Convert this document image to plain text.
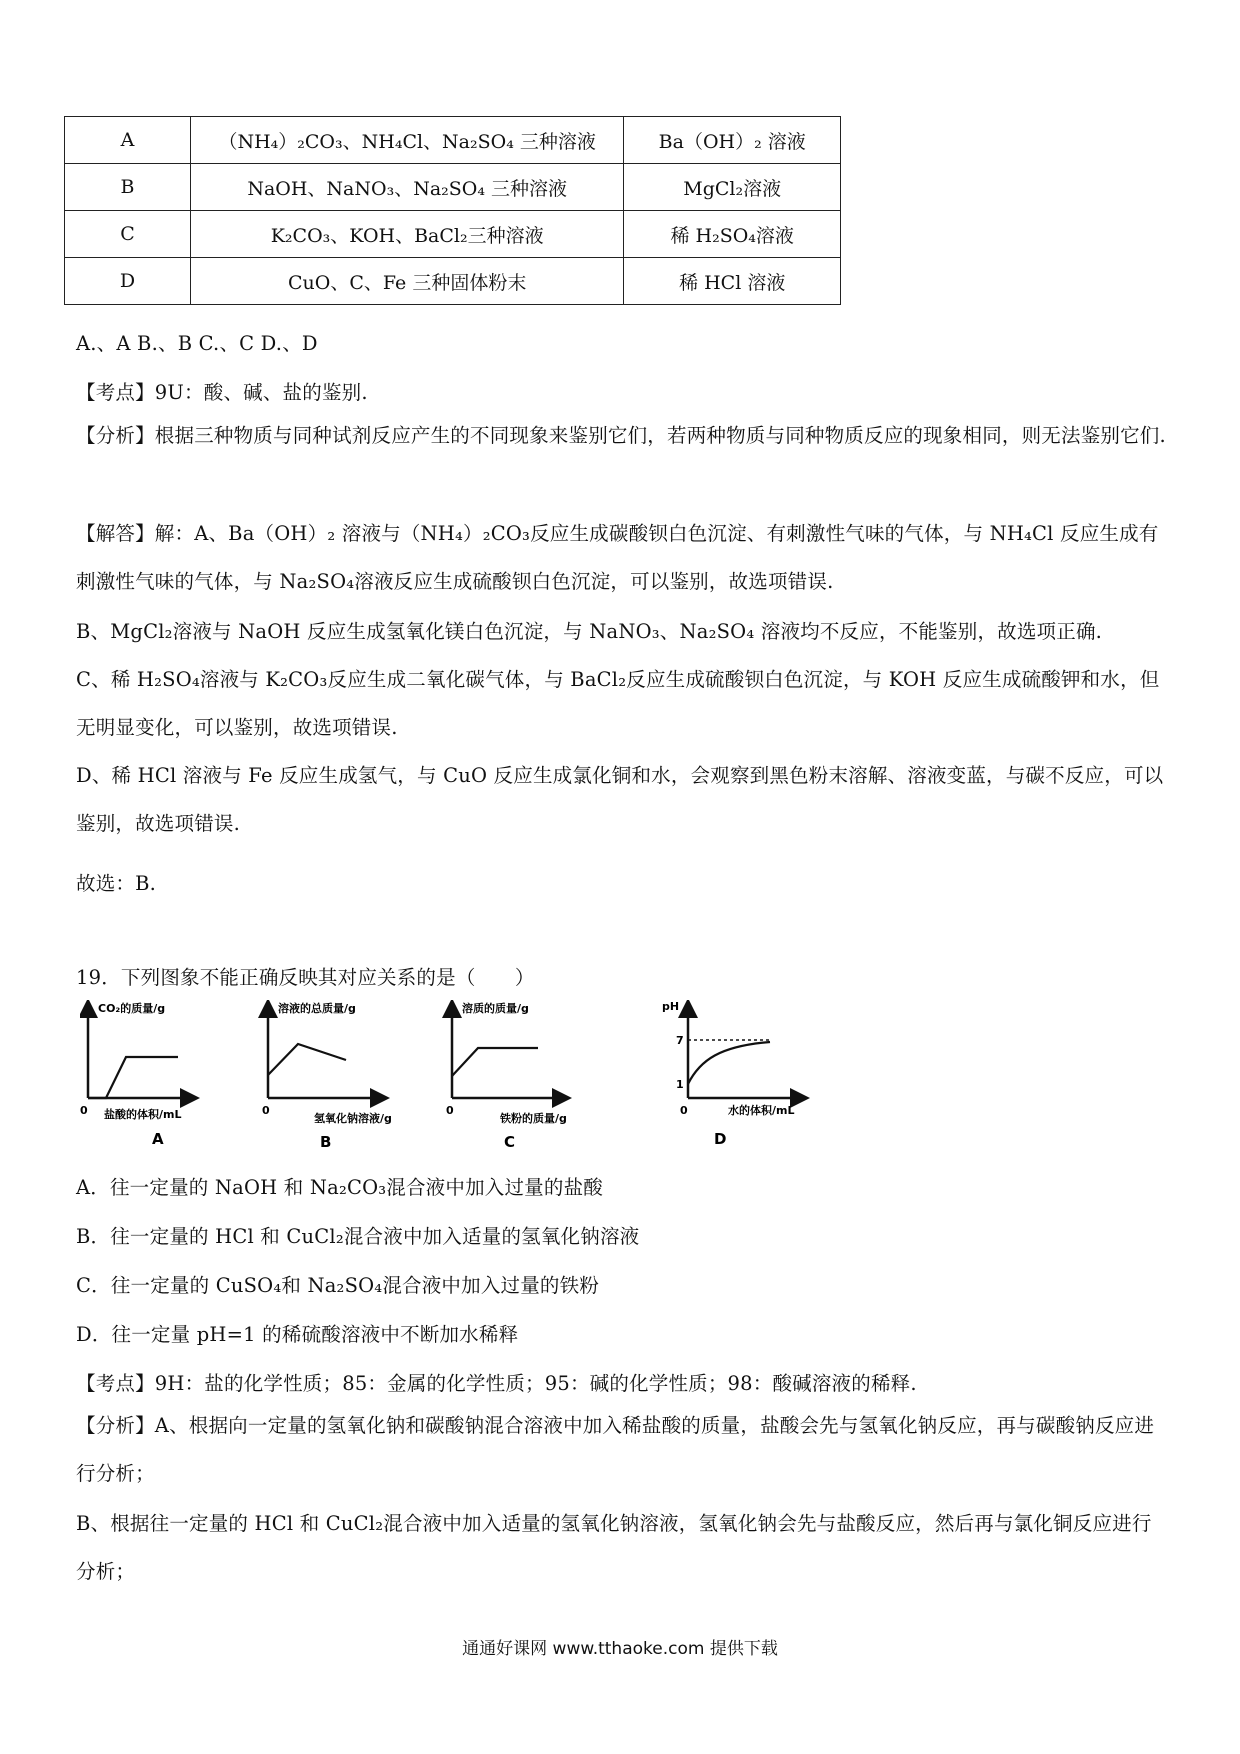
A	（NH₄）₂CO₃、NH₄Cl、Na₂SO₄ 三种溶液	Ba（OH）₂ 溶液
B	NaOH、NaNO₃、Na₂SO₄ 三种溶液	MgCl₂溶液
C	K₂CO₃、KOH、BaCl₂三种溶液	稀 H₂SO₄溶液
D	CuO、C、Fe 三种固体粉末	稀 HCl 溶液
A.、A B.、B C.、C D.、D
【考点】9U：酸、碱、盐的鉴别.
【分析】根据三种物质与同种试剂反应产生的不同现象来鉴别它们，若两种物质与同种物质反应的现象相同，则无法鉴别它们.
【解答】解：A、Ba（OH）₂ 溶液与（NH₄）₂CO₃反应生成碳酸钡白色沉淀、有刺激性气味的气体，与 NH₄Cl 反应生成有刺激性气味的气体，与 Na₂SO₄溶液反应生成硫酸钡白色沉淀，可以鉴别，故选项错误.
B、MgCl₂溶液与 NaOH 反应生成氢氧化镁白色沉淀，与 NaNO₃、Na₂SO₄ 溶液均不反应，不能鉴别，故选项正确.
C、稀 H₂SO₄溶液与 K₂CO₃反应生成二氧化碳气体，与 BaCl₂反应生成硫酸钡白色沉淀，与 KOH 反应生成硫酸钾和水，但无明显变化，可以鉴别，故选项错误.
D、稀 HCl 溶液与 Fe 反应生成氢气，与 CuO 反应生成氯化铜和水，会观察到黑色粉末溶解、溶液变蓝，与碳不反应，可以鉴别，故选项错误.
故选：B.
19．下列图象不能正确反映其对应关系的是（　　）
CO₂的质量/g
0 盐酸的体积/mL
A
溶液的总质量/g
0
氢氧化钠溶液/g
B
溶质的质量/g
0
铁粉的质量/g
C
pH
7
1
0	水的体积/mL
D
A．往一定量的 NaOH 和 Na₂CO₃混合液中加入过量的盐酸
B．往一定量的 HCl 和 CuCl₂混合液中加入适量的氢氧化钠溶液
C．往一定量的 CuSO₄和 Na₂SO₄混合液中加入过量的铁粉
D．往一定量 pH=1 的稀硫酸溶液中不断加水稀释
【考点】9H：盐的化学性质；85：金属的化学性质；95：碱的化学性质；98：酸碱溶液的稀释.
【分析】A、根据向一定量的氢氧化钠和碳酸钠混合溶液中加入稀盐酸的质量，盐酸会先与氢氧化钠反应，再与碳酸钠反应进行分析；
B、根据往一定量的 HCl 和 CuCl₂混合液中加入适量的氢氧化钠溶液，氢氧化钠会先与盐酸反应，然后再与氯化铜反应进行分析；
通通好课网 www.tthaoke.com 提供下载
